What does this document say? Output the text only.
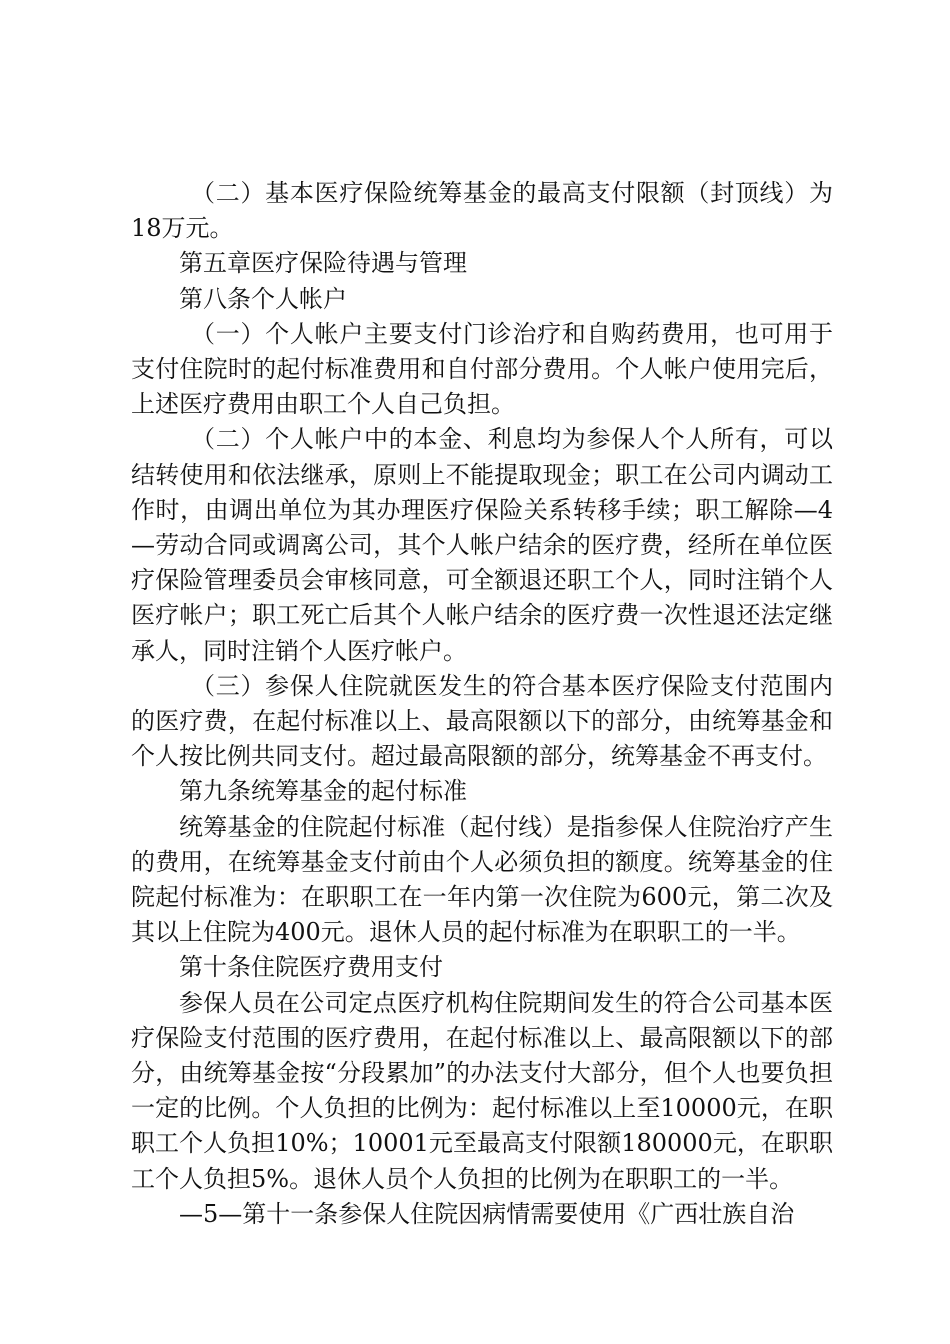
（二）基本医疗保险统筹基金的最高支付限额（封顶线）为18万元。

第五章医疗保险待遇与管理

第八条个人帐户

（一）个人帐户主要支付门诊治疗和自购药费用，也可用于支付住院时的起付标准费用和自付部分费用。个人帐户使用完后，上述医疗费用由职工个人自己负担。

（二）个人帐户中的本金、利息均为参保人个人所有，可以结转使用和依法继承，原则上不能提取现金；职工在公司内调动工作时，由调出单位为其办理医疗保险关系转移手续；职工解除—4—劳动合同或调离公司，其个人帐户结余的医疗费，经所在单位医疗保险管理委员会审核同意，可全额退还职工个人，同时注销个人医疗帐户；职工死亡后其个人帐户结余的医疗费一次性退还法定继承人，同时注销个人医疗帐户。

（三）参保人住院就医发生的符合基本医疗保险支付范围内的医疗费，在起付标准以上、最高限额以下的部分，由统筹基金和个人按比例共同支付。超过最高限额的部分，统筹基金不再支付。

第九条统筹基金的起付标准

统筹基金的住院起付标准（起付线）是指参保人住院治疗产生的费用，在统筹基金支付前由个人必须负担的额度。统筹基金的住院起付标准为：在职职工在一年内第一次住院为600元，第二次及其以上住院为400元。退休人员的起付标准为在职职工的一半。

第十条住院医疗费用支付

参保人员在公司定点医疗机构住院期间发生的符合公司基本医疗保险支付范围的医疗费用，在起付标准以上、最高限额以下的部分，由统筹基金按“分段累加”的办法支付大部分，但个人也要负担一定的比例。个人负担的比例为：起付标准以上至10000元，在职职工个人负担10%；10001元至最高支付限额180000元，在职职工个人负担5%。退休人员个人负担的比例为在职职工的一半。

—5—第十一条参保人住院因病情需要使用《广西壮族自治
